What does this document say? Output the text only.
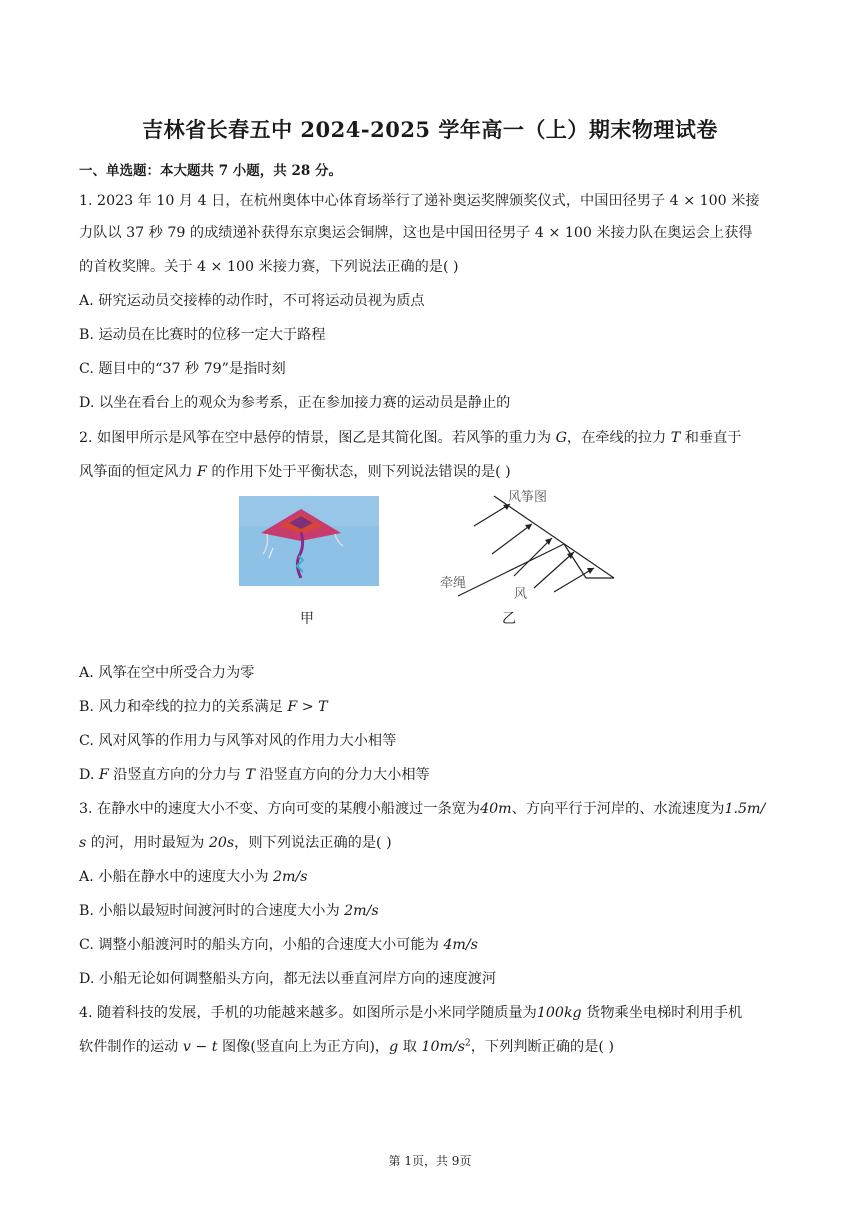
吉林省长春五中 2024-2025 学年高一（上）期末物理试卷
一、单选题：本大题共 7 小题，共 28 分。
1. 2023 年 10 月 4 日，在杭州奥体中心体育场举行了递补奥运奖牌颁奖仪式，中国田径男子 4 × 100 米接
力队以 37 秒 79 的成绩递补获得东京奥运会铜牌，这也是中国田径男子 4 × 100 米接力队在奥运会上获得
的首枚奖牌。关于 4 × 100 米接力赛，下列说法正确的是( )
A. 研究运动员交接棒的动作时，不可将运动员视为质点
B. 运动员在比赛时的位移一定大于路程
C. 题目中的“37 秒 79”是指时刻
D. 以坐在看台上的观众为参考系，正在参加接力赛的运动员是静止的
2. 如图甲所示是风筝在空中悬停的情景，图乙是其简化图。若风筝的重力为 G，在牵线的拉力 T 和垂直于
风筝面的恒定风力 F 的作用下处于平衡状态，则下列说法错误的是( )
甲
风筝图
牵绳
风
乙
A. 风筝在空中所受合力为零
B. 风力和牵线的拉力的关系满足 F > T
C. 风对风筝的作用力与风筝对风的作用力大小相等
D. F 沿竖直方向的分力与 T 沿竖直方向的分力大小相等
3. 在静水中的速度大小不变、方向可变的某艘小船渡过一条宽为40m、方向平行于河岸的、水流速度为1.5m/
s 的河，用时最短为 20s，则下列说法正确的是( )
A. 小船在静水中的速度大小为 2m/s
B. 小船以最短时间渡河时的合速度大小为 2m/s
C. 调整小船渡河时的船头方向，小船的合速度大小可能为 4m/s
D. 小船无论如何调整船头方向，都无法以垂直河岸方向的速度渡河
4. 随着科技的发展，手机的功能越来越多。如图所示是小米同学随质量为100kg 货物乘坐电梯时利用手机
软件制作的运动 v − t 图像(竖直向上为正方向)，g 取 $10m/s^2$，下列判断正确的是( )
第 1页，共 9页
